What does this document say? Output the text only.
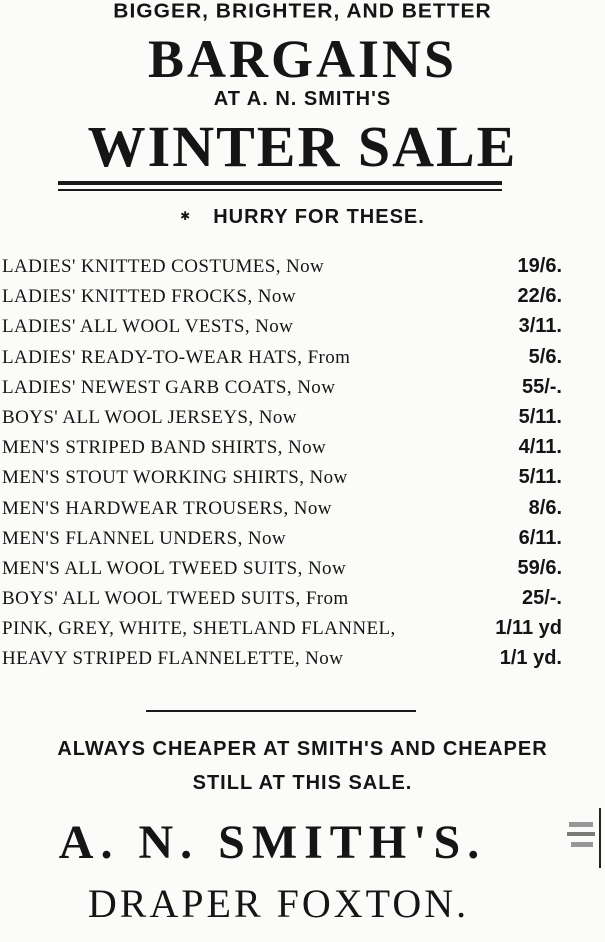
BIGGER, BRIGHTER, AND BETTER
BARGAINS
AT A. N. SMITH'S
WINTER SALE
✱ HURRY FOR THESE.
LADIES' KNITTED COSTUMES, Now	19/6.
LADIES' KNITTED FROCKS, Now	22/6.
LADIES' ALL WOOL VESTS, Now	3/11.
LADIES' READY-TO-WEAR HATS, From	5/6.
LADIES' NEWEST GARB COATS, Now	55/-.
BOYS' ALL WOOL JERSEYS, Now	5/11.
MEN'S STRIPED BAND SHIRTS, Now	4/11.
MEN'S STOUT WORKING SHIRTS, Now	5/11.
MEN'S HARDWEAR TROUSERS, Now	8/6.
MEN'S FLANNEL UNDERS, Now	6/11.
MEN'S ALL WOOL TWEED SUITS, Now	59/6.
BOYS' ALL WOOL TWEED SUITS, From	25/-.
PINK, GREY, WHITE, SHETLAND FLANNEL,	1/11 yd
HEAVY STRIPED FLANNELETTE, Now	1/1 yd.
ALWAYS CHEAPER AT SMITH'S AND CHEAPER
STILL AT THIS SALE.
A. N. SMITH'S.
DRAPER FOXTON.
